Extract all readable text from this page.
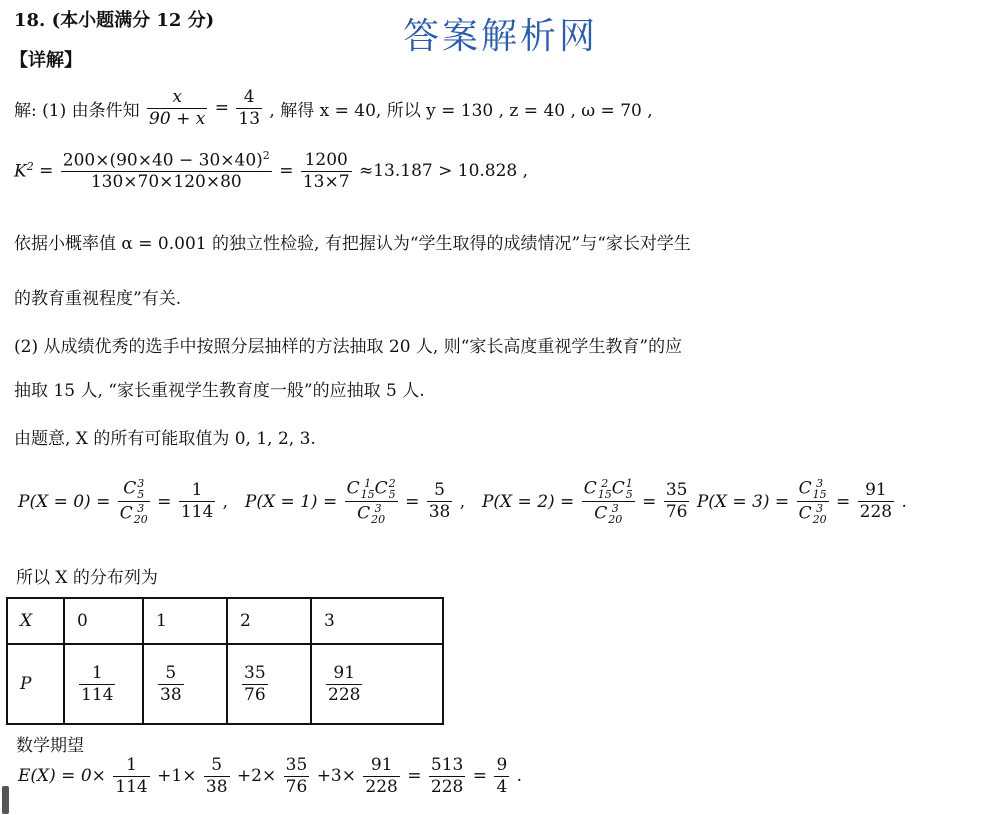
18. (本小题满分 12 分)	答案解析网
【详解】
解: (1) 由条件知 $\frac{x}{90 + x} = \frac{4}{13}$ , 解得 x = 40, 所以 y = 130 , z = 40 , ω = 70 ,
$K^2 = \frac{200\times(90\times 40 - 30\times 40)^2}{130\times 70\times 120\times 80} = \frac{1200}{13\times 7} \approx 13.187 > 10.828$ ,
依据小概率值 α = 0.001 的独立性检验, 有把握认为“学生取得的成绩情况”与“家长对学生
的教育重视程度”有关.
(2) 从成绩优秀的选手中按照分层抽样的方法抽取 20 人, 则“家长高度重视学生教育”的应
抽取 15 人, “家长重视学生教育度一般”的应抽取 5 人.
由题意, X 的所有可能取值为 0, 1, 2, 3.
P(X = 0) = C 3
5
C 3
$20 = \frac{1}{114}$ , P(X = 1) = C 1
15 C 2
5
C 3
$20 = \frac{5}{38}$ , P(X = 2) = C 2
15 C 1
5
C 3
$20 = \frac{35}{76} P(X = 3) = C$ 3
15
C 3
$20 = \frac{91}{228}$ .
所以 X 的分布列为
X	0	1	2	3
P	$\frac{1}{114}$	$\frac{5}{38}$	$\frac{35}{76}$	$\frac{91}{228}$
数学期望
$E(X) = 0\times \frac{1}{114} +1\times \frac{5}{38} +2\times \frac{35}{76} +3\times \frac{91}{228} = \frac{513}{228} = \frac{9}{4}$ .
